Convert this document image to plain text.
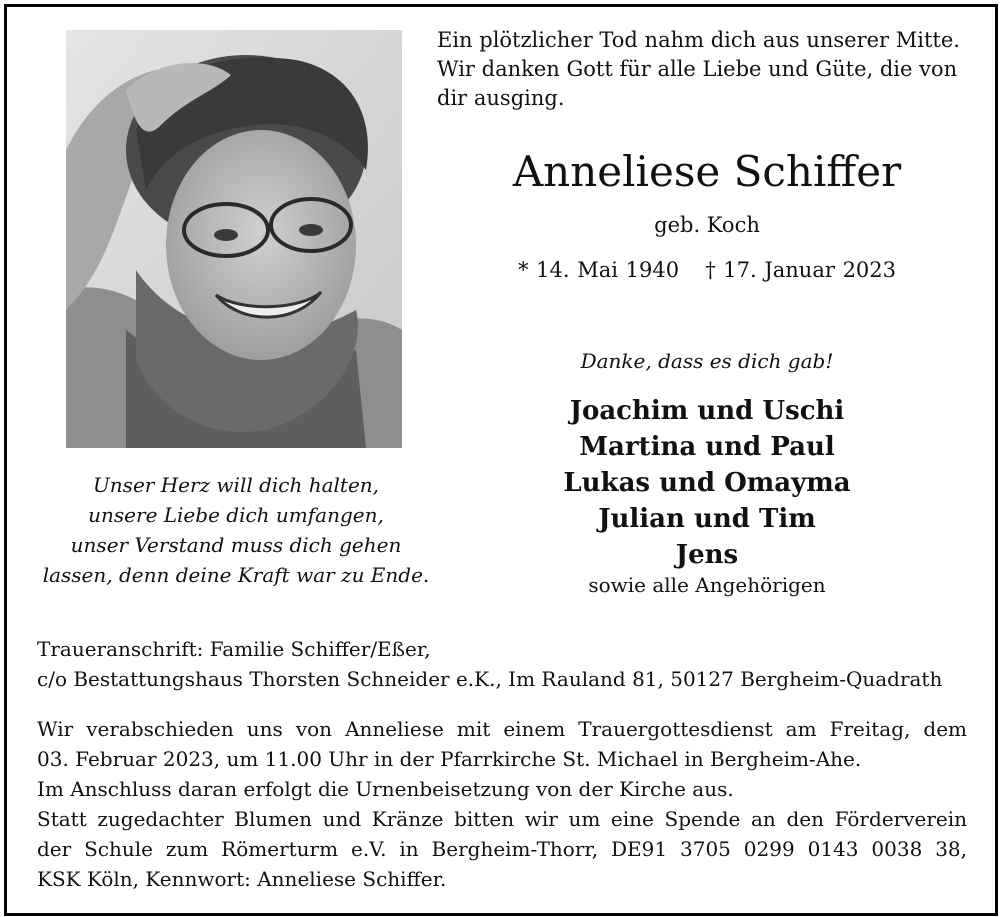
Ein plötzlicher Tod nahm dich aus unserer Mitte.
Wir danken Gott für alle Liebe und Güte, die von
dir ausging.
Anneliese Schiffer
geb. Koch
* 14. Mai 1940 † 17. Januar 2023
Danke, dass es dich gab!
Joachim und Uschi
Martina und Paul
Lukas und Omayma
Julian und Tim
Jens
sowie alle Angehörigen
Unser Herz will dich halten,
unsere Liebe dich umfangen,
unser Verstand muss dich gehen
lassen, denn deine Kraft war zu Ende.
Traueranschrift: Familie Schiffer/Eßer,
c/o Bestattungshaus Thorsten Schneider e.K., Im Rauland 81, 50127 Bergheim-Quadrath
Wir verabschieden uns von Anneliese mit einem Trauergottesdienst am Freitag, dem
03. Februar 2023, um 11.00 Uhr in der Pfarrkirche St. Michael in Bergheim-Ahe.
Im Anschluss daran erfolgt die Urnenbeisetzung von der Kirche aus.
Statt zugedachter Blumen und Kränze bitten wir um eine Spende an den Förderverein
der Schule zum Römerturm e.V. in Bergheim-Thorr, DE91 3705 0299 0143 0038 38,
KSK Köln, Kennwort: Anneliese Schiffer.
